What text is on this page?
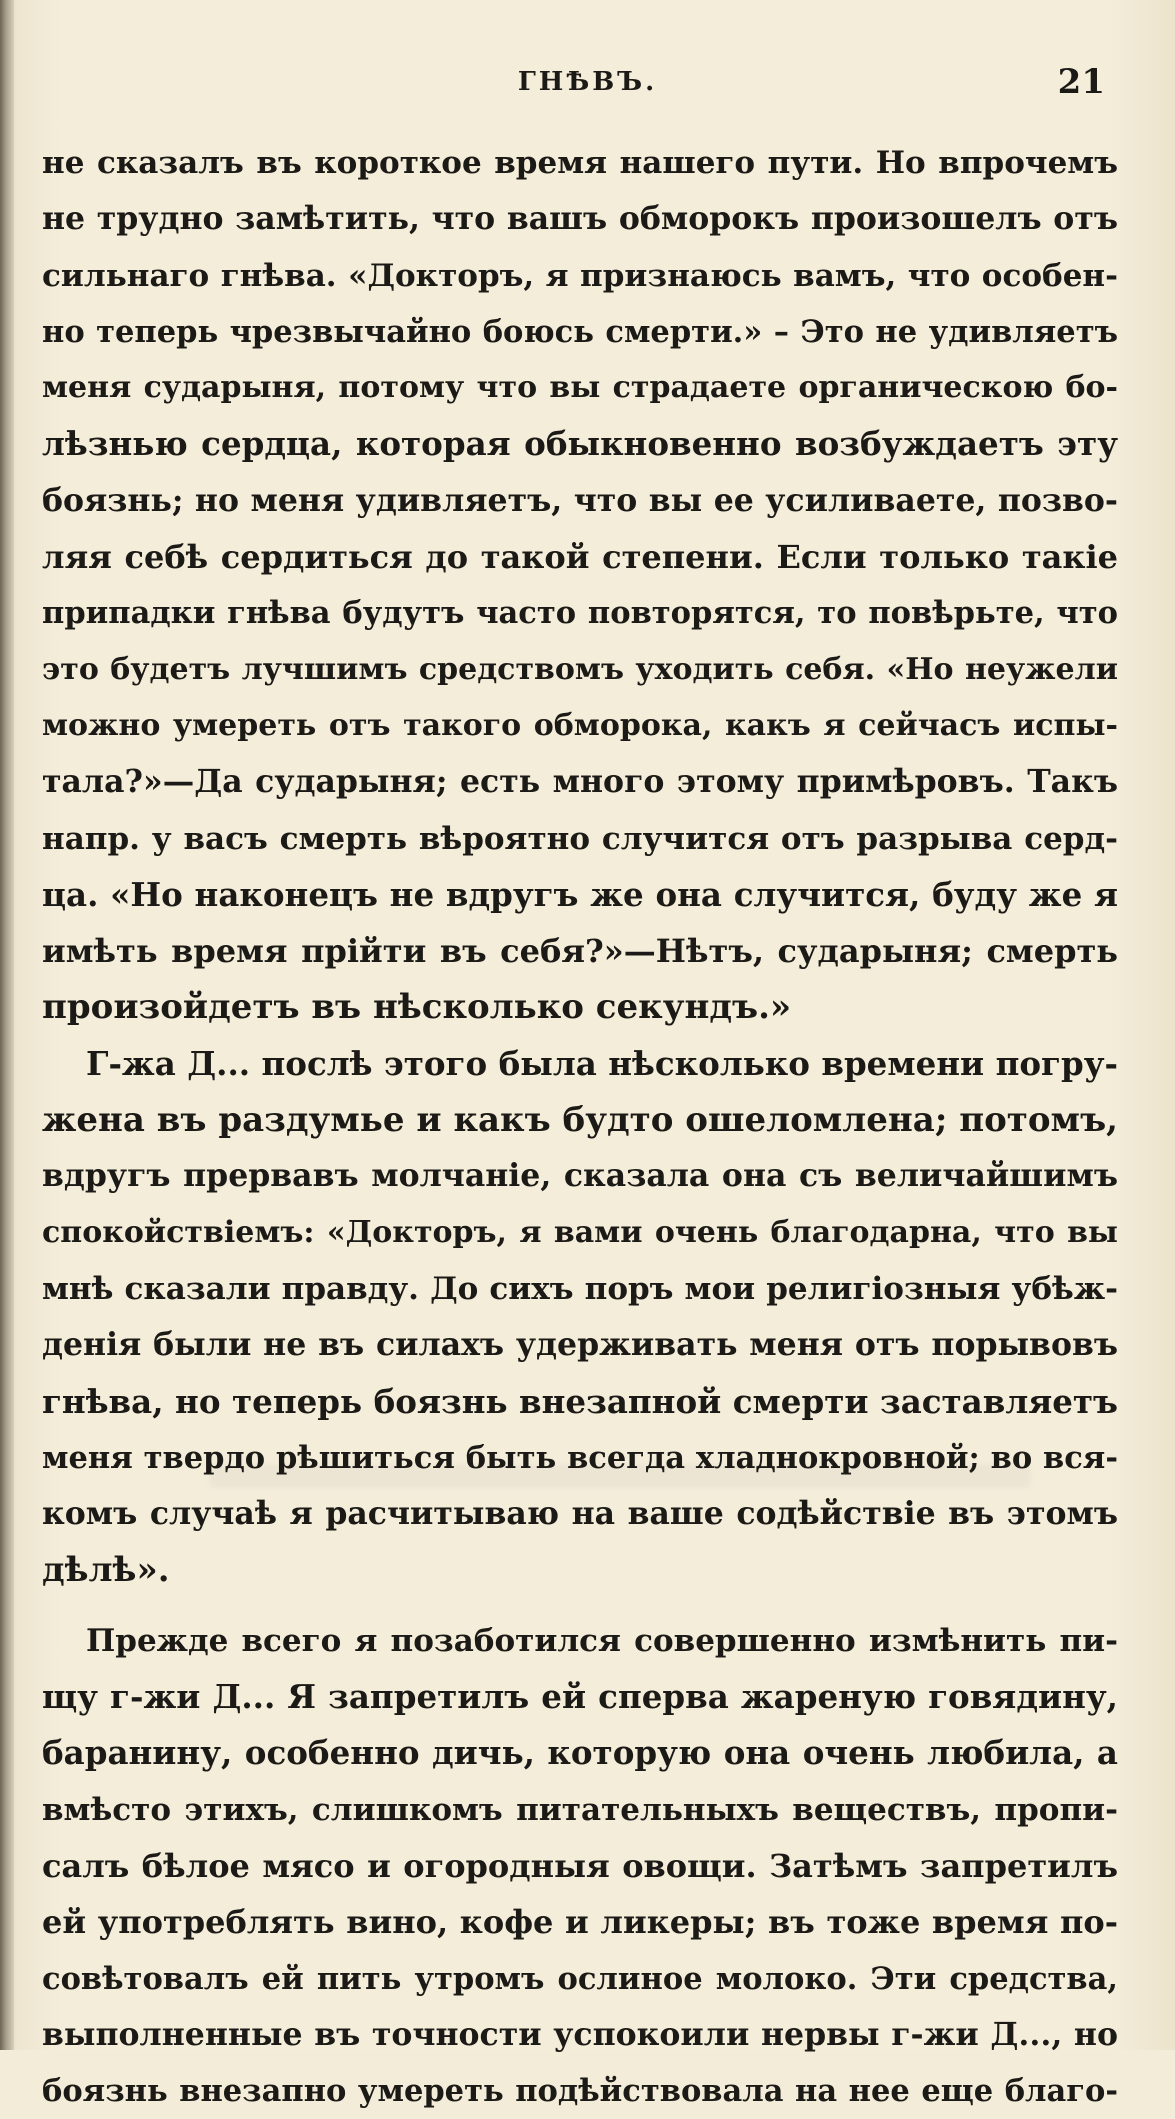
ГНѢВЪ.	21
не сказалъ въ короткое время нашего пути. Но впрочемъ
не трудно замѣтить, что вашъ обморокъ произошелъ отъ
сильнаго гнѣва. «Докторъ, я признаюсь вамъ, что особен-
но теперь чрезвычайно боюсь смерти.» – Это не удивляетъ
меня сударыня, потому что вы страдаете органическою бо-
лѣзнью сердца, которая обыкновенно возбуждаетъ эту
боязнь; но меня удивляетъ, что вы ее усиливаете, позво-
ляя себѣ сердиться до такой степени. Если только такіе
припадки гнѣва будутъ часто повторятся, то повѣрьте, что
это будетъ лучшимъ средствомъ уходить себя. «Но неужели
можно умереть отъ такого обморока, какъ я сейчасъ испы-
тала?»—Да сударыня; есть много этому примѣровъ. Такъ
напр. у васъ смерть вѣроятно случится отъ разрыва серд-
ца. «Но наконецъ не вдругъ же она случится, буду же я
имѣть время прійти въ себя?»—Нѣтъ, сударыня; смерть
произойдетъ въ нѣсколько секундъ.»
Г-жа Д... послѣ этого была нѣсколько времени погру-
жена въ раздумье и какъ будто ошеломлена; потомъ,
вдругъ прервавъ молчаніе, сказала она съ величайшимъ
спокойствіемъ: «Докторъ, я вами очень благодарна, что вы
мнѣ сказали правду. До сихъ поръ мои религіозныя убѣж-
денія были не въ силахъ удерживать меня отъ порывовъ
гнѣва, но теперь боязнь внезапной смерти заставляетъ
меня твердо рѣшиться быть всегда хладнокровной; во вся-
комъ случаѣ я расчитываю на ваше содѣйствіе въ этомъ
дѣлѣ».
Прежде всего я позаботился совершенно измѣнить пи-
щу г-жи Д... Я запретилъ ей сперва жареную говядину,
баранину, особенно дичь, которую она очень любила, а
вмѣсто этихъ, слишкомъ питательныхъ веществъ, пропи-
салъ бѣлое мясо и огородныя овощи. Затѣмъ запретилъ
ей употреблять вино, кофе и ликеры; въ тоже время по-
совѣтовалъ ей пить утромъ ослиное молоко. Эти средства,
выполненные въ точности успокоили нервы г-жи Д..., но
боязнь внезапно умереть подѣйствовала на нее еще благо-
